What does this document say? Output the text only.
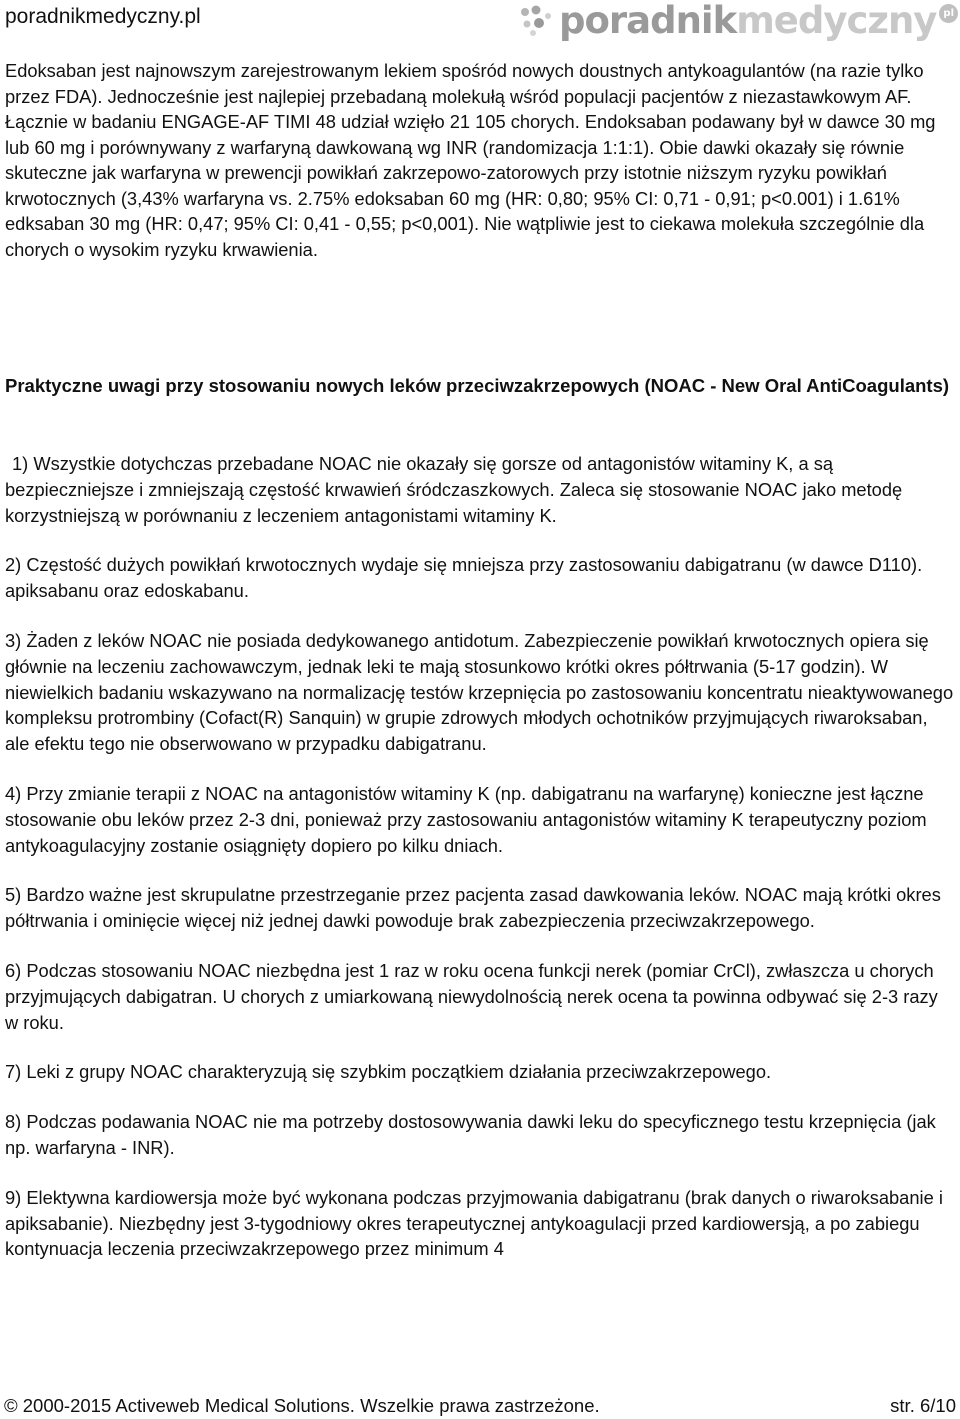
poradnikmedyczny.pl	poradnikmedyczny pl

Edoksaban jest najnowszym zarejestrowanym lekiem spośród nowych doustnych antykoagulantów (na razie tylko przez FDA). Jednocześnie jest najlepiej przebadaną molekułą wśród populacji pacjentów z niezastawkowym AF. Łącznie w badaniu ENGAGE-AF TIMI 48 udział wzięło 21 105 chorych. Endoksaban podawany był w dawce 30 mg lub 60 mg i porównywany z warfaryną dawkowaną wg INR (randomizacja 1:1:1). Obie dawki okazały się równie skuteczne jak warfaryna w prewencji powikłań zakrzepowo-zatorowych przy istotnie niższym ryzyku powikłań krwotocznych (3,43% warfaryna vs. 2.75% edoksaban 60 mg (HR: 0,80; 95% CI: 0,71 - 0,91; p<0.001) i 1.61% edksaban 30 mg (HR: 0,47; 95% CI: 0,41 - 0,55; p<0,001). Nie wątpliwie jest to ciekawa molekuła szczególnie dla chorych o wysokim ryzyku krwawienia.

Praktyczne uwagi przy stosowaniu nowych leków przeciwzakrzepowych (NOAC - New Oral AntiCoagulants)

1) Wszystkie dotychczas przebadane NOAC nie okazały się gorsze od antagonistów witaminy K, a są bezpieczniejsze i zmniejszają częstość krwawień śródczaszkowych. Zaleca się stosowanie NOAC jako metodę korzystniejszą w porównaniu z leczeniem antagonistami witaminy K.

2) Częstość dużych powikłań krwotocznych wydaje się mniejsza przy zastosowaniu dabigatranu (w dawce D110). apiksabanu oraz edoskabanu.

3) Żaden z leków NOAC nie posiada dedykowanego antidotum. Zabezpieczenie powikłań krwotocznych opiera się głównie na leczeniu zachowawczym, jednak leki te mają stosunkowo krótki okres półtrwania (5-17 godzin). W niewielkich badaniu wskazywano na normalizację testów krzepnięcia po zastosowaniu koncentratu nieaktywowanego kompleksu protrombiny (Cofact(R) Sanquin) w grupie zdrowych młodych ochotników przyjmujących riwaroksaban, ale efektu tego nie obserwowano w przypadku dabigatranu.

4) Przy zmianie terapii z NOAC na antagonistów witaminy K (np. dabigatranu na warfarynę) konieczne jest łączne stosowanie obu leków przez 2-3 dni, ponieważ przy zastosowaniu antagonistów witaminy K terapeutyczny poziom antykoagulacyjny zostanie osiągnięty dopiero po kilku dniach.

5) Bardzo ważne jest skrupulatne przestrzeganie przez pacjenta zasad dawkowania leków. NOAC mają krótki okres półtrwania i ominięcie więcej niż jednej dawki powoduje brak zabezpieczenia przeciwzakrzepowego.

6) Podczas stosowaniu NOAC niezbędna jest 1 raz w roku ocena funkcji nerek (pomiar CrCl), zwłaszcza u chorych przyjmujących dabigatran. U chorych z umiarkowaną niewydolnością nerek ocena ta powinna odbywać się 2-3 razy w roku.

7) Leki z grupy NOAC charakteryzują się szybkim początkiem działania przeciwzakrzepowego.

8) Podczas podawania NOAC nie ma potrzeby dostosowywania dawki leku do specyficznego testu krzepnięcia (jak np. warfaryna - INR).

9) Elektywna kardiowersja może być wykonana podczas przyjmowania dabigatranu (brak danych o riwaroksabanie i apiksabanie). Niezbędny jest 3-tygodniowy okres terapeutycznej antykoagulacji przed kardiowersją, a po zabiegu kontynuacja leczenia przeciwzakrzepowego przez minimum 4

© 2000-2015 Activeweb Medical Solutions. Wszelkie prawa zastrzeżone.	str. 6/10
